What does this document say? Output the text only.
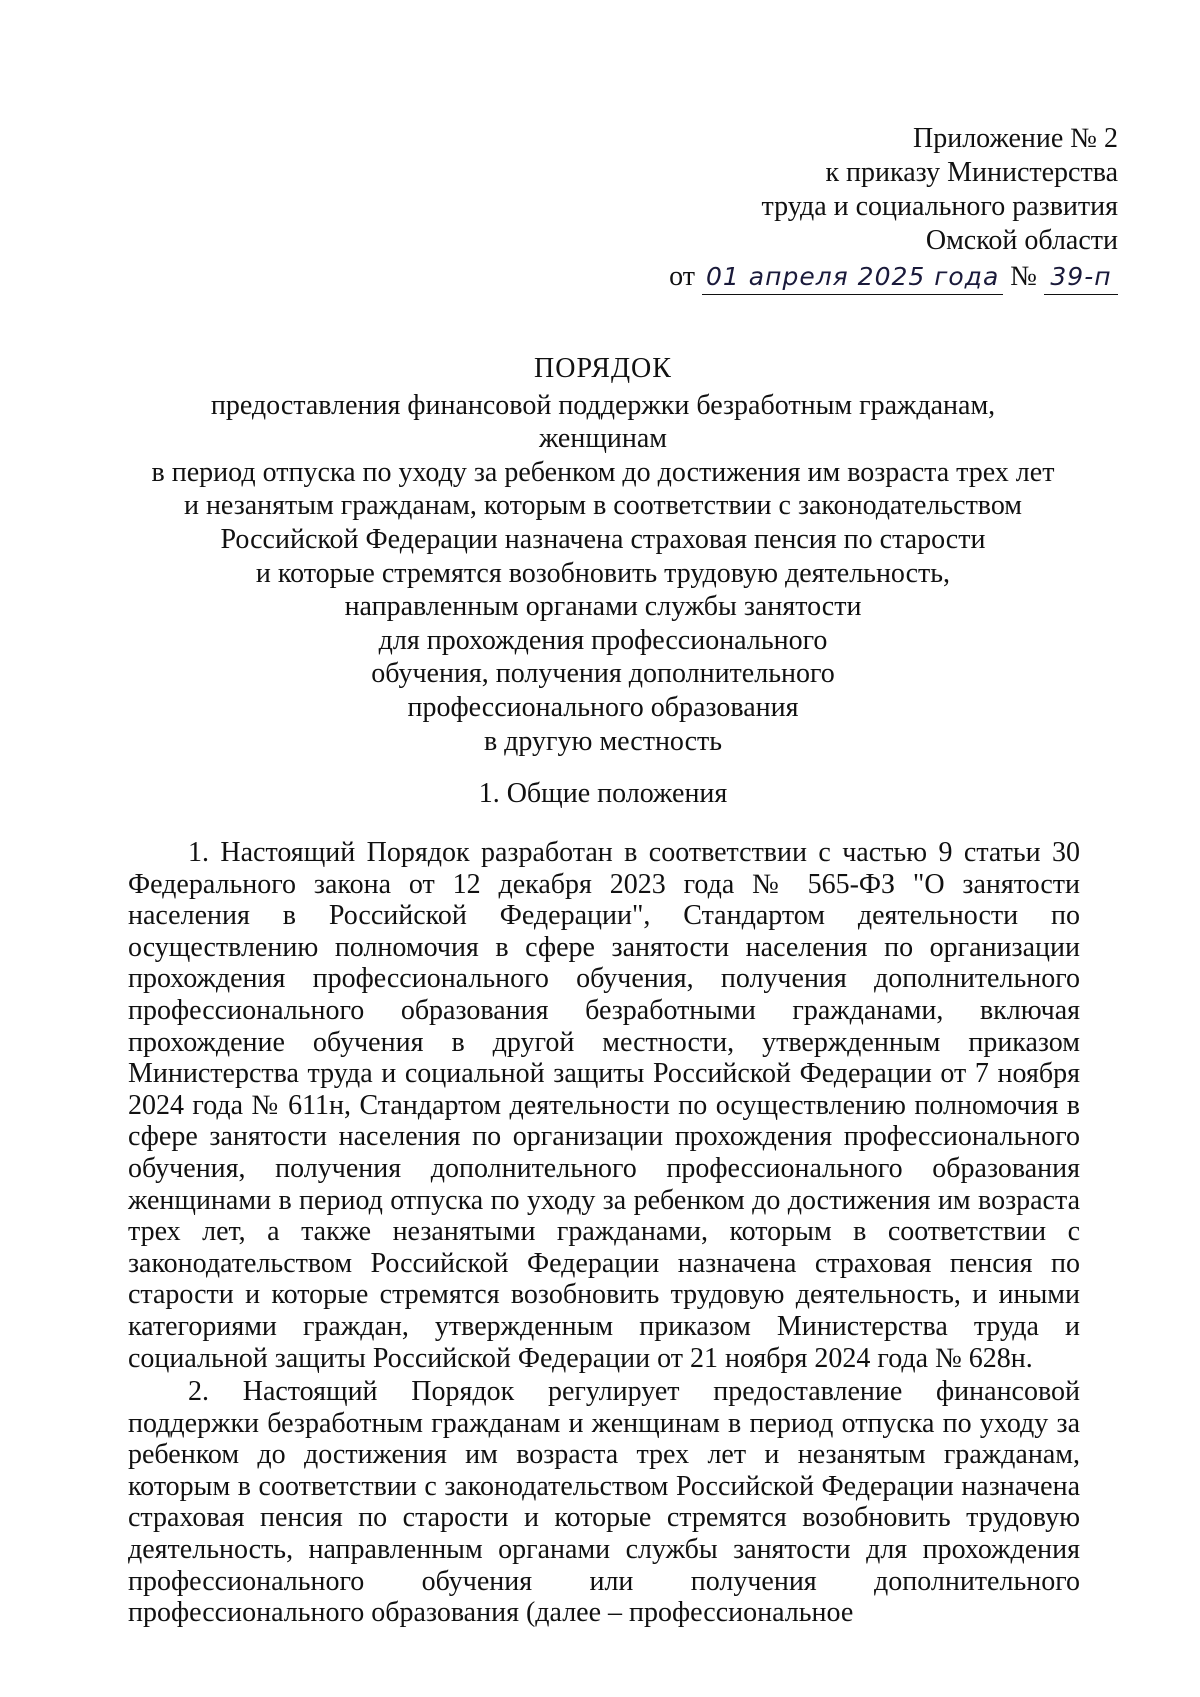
Приложение № 2
к приказу Министерства
труда и социального развития
Омской области
от 01 апреля 2025 года № 39-п
ПОРЯДОК
предоставления финансовой поддержки безработным гражданам, женщинам
в период отпуска по уходу за ребенком до достижения им возраста трех лет
и незанятым гражданам, которым в соответствии с законодательством
Российской Федерации назначена страховая пенсия по старости
и которые стремятся возобновить трудовую деятельность,
направленным органами службы занятости
для прохождения профессионального
обучения, получения дополнительного
профессионального образования
в другую местность
1. Общие положения

1. Настоящий Порядок разработан в соответствии с частью 9 статьи 30 Федерального закона от 12 декабря 2023 года № 565-ФЗ "О занятости населения в Российской Федерации", Стандартом деятельности по осуществлению полномочия в сфере занятости населения по организации прохождения профессионального обучения, получения дополнительного профессионального образования безработными гражданами, включая прохождение обучения в другой местности, утвержденным приказом Министерства труда и социальной защиты Российской Федерации от 7 ноября 2024 года № 611н, Стандартом деятельности по осуществлению полномочия в сфере занятости населения по организации прохождения профессионального обучения, получения дополнительного профессионального образования женщинами в период отпуска по уходу за ребенком до достижения им возраста трех лет, а также незанятыми гражданами, которым в соответствии с законодательством Российской Федерации назначена страховая пенсия по старости и которые стремятся возобновить трудовую деятельность, и иными категориями граждан, утвержденным приказом Министерства труда и социальной защиты Российской Федерации от 21 ноября 2024 года № 628н.

2. Настоящий Порядок регулирует предоставление финансовой поддержки безработным гражданам и женщинам в период отпуска по уходу за ребенком до достижения им возраста трех лет и незанятым гражданам, которым в соответствии с законодательством Российской Федерации назначена страховая пенсия по старости и которые стремятся возобновить трудовую деятельность, направленным органами службы занятости для прохождения профессионального обучения или получения дополнительного профессионального образования (далее – профессиональное
